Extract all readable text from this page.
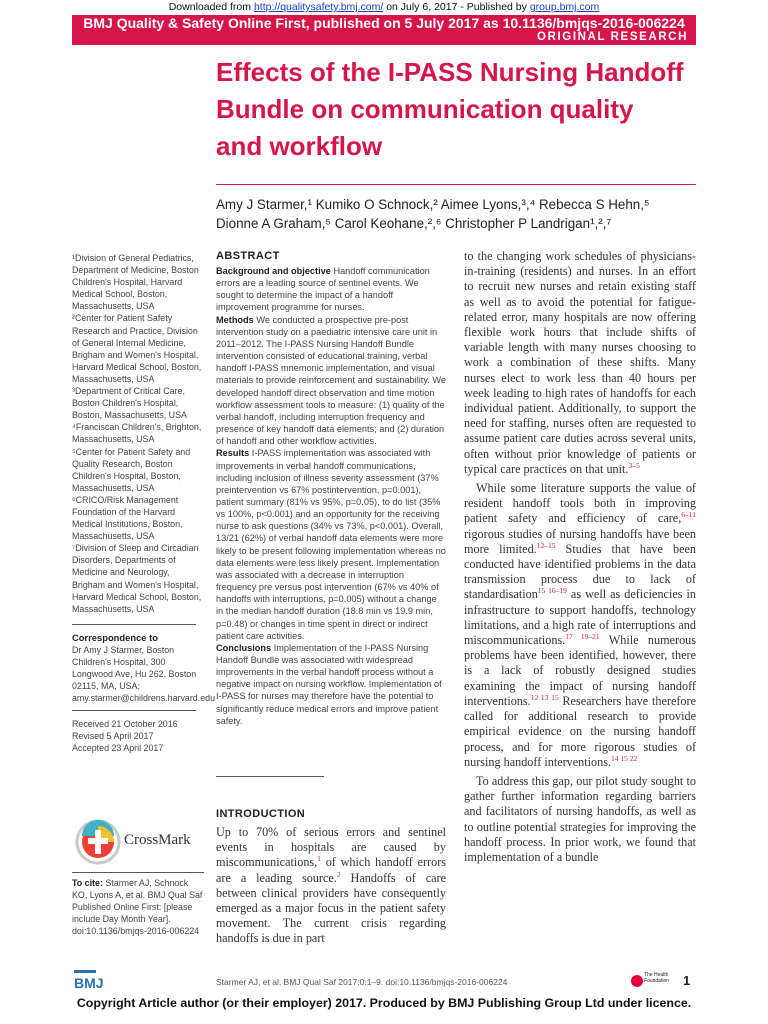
Downloaded from http://qualitysafety.bmj.com/ on July 6, 2017 - Published by group.bmj.com
BMJ Quality & Safety Online First, published on 5 July 2017 as 10.1136/bmjqs-2016-006224
ORIGINAL RESEARCH
Effects of the I-PASS Nursing Handoff Bundle on communication quality and workflow
Amy J Starmer,¹ Kumiko O Schnock,² Aimee Lyons,³,⁴ Rebecca S Hehn,⁵
Dionne A Graham,⁵ Carol Keohane,²,⁶ Christopher P Landrigan¹,²,⁷
¹Division of General Pediatrics, Department of Medicine, Boston Children's Hospital, Harvard Medical School, Boston, Massachusetts, USA
²Center for Patient Safety Research and Practice, Division of General Internal Medicine, Brigham and Women's Hospital, Harvard Medical School, Boston, Massachusetts, USA
³Department of Critical Care, Boston Children's Hospital, Boston, Massachusetts, USA
⁴Franciscan Children's, Brighton, Massachusetts, USA
⁵Center for Patient Safety and Quality Research, Boston Children's Hospital, Boston, Massachusetts, USA
⁶CRICO/Risk Management Foundation of the Harvard Medical Institutions, Boston, Massachusetts, USA
⁷Division of Sleep and Circadian Disorders, Departments of Medicine and Neurology, Brigham and Women's Hospital, Harvard Medical School, Boston, Massachusetts, USA
Correspondence to
Dr Amy J Starmer, Boston Children's Hospital, 300 Longwood Ave, Hu 262, Boston 02115, MA, USA; amy.starmer@childrens.harvard.edu
Received 21 October 2016
Revised 5 April 2017
Accepted 23 April 2017
CrossMark
To cite: Starmer AJ, Schnock KO, Lyons A, et al. BMJ Qual Saf Published Online First: [please include Day Month Year]. doi:10.1136/bmjqs-2016-006224
ABSTRACT
Background and objective Handoff communication errors are a leading source of sentinel events. We sought to determine the impact of a handoff improvement programme for nurses.
Methods We conducted a prospective pre-post intervention study on a paediatric intensive care unit in 2011–2012. The I-PASS Nursing Handoff Bundle intervention consisted of educational training, verbal handoff I-PASS mnemonic implementation, and visual materials to provide reinforcement and sustainability. We developed handoff direct observation and time motion workflow assessment tools to measure: (1) quality of the verbal handoff, including interruption frequency and presence of key handoff data elements; and (2) duration of handoff and other workflow activities.
Results I-PASS implementation was associated with improvements in verbal handoff communications, including inclusion of illness severity assessment (37% preintervention vs 67% postintervention, p=0.001), patient summary (81% vs 95%, p=0.05), to do list (35% vs 100%, p<0.001) and an opportunity for the receiving nurse to ask questions (34% vs 73%, p<0.001). Overall, 13/21 (62%) of verbal handoff data elements were more likely to be present following implementation whereas no data elements were less likely present. Implementation was associated with a decrease in interruption frequency pre versus post intervention (67% vs 40% of handoffs with interruptions, p=0.005) without a change in the median handoff duration (18.8 min vs 19.9 min, p=0.48) or changes in time spent in direct or indirect patient care activities.
Conclusions Implementation of the I-PASS Nursing Handoff Bundle was associated with widespread improvements in the verbal handoff process without a negative impact on nursing workflow. Implementation of I-PASS for nurses may therefore have the potential to significantly reduce medical errors and improve patient safety.
INTRODUCTION
Up to 70% of serious errors and sentinel events in hospitals are caused by miscommunications,$^1$ of which handoff errors are a leading source.$^2$ Handoffs of care between clinical providers have consequently emerged as a major focus in the patient safety movement. The current crisis regarding handoffs is due in part
to the changing work schedules of physicians-in-training (residents) and nurses. In an effort to recruit new nurses and retain existing staff as well as to avoid the potential for fatigue-related error, many hospitals are now offering flexible work hours that include shifts of variable length with many nurses choosing to work a combination of these shifts. Many nurses elect to work less than 40 hours per week leading to high rates of handoffs for each individual patient. Additionally, to support the need for staffing, nurses often are requested to assume patient care duties across several units, often without prior knowledge of patients or typical care practices on that unit.$^{3-5}$
While some literature supports the value of resident handoff tools both in improving patient safety and efficiency of care,$^{6-11}$ rigorous studies of nursing handoffs have been more limited.$^{12-15}$ Studies that have been conducted have identified problems in the data transmission process due to lack of standardisation$^{15 16-19}$ as well as deficiencies in infrastructure to support handoffs, technology limitations, and a high rate of interruptions and miscommunications.$^{17 19-21}$ While numerous problems have been identified, however, there is a lack of robustly designed studies examining the impact of nursing handoff interventions.$^{12 13 15}$ Researchers have therefore called for additional research to provide empirical evidence on the nursing handoff process, and for more rigorous studies of nursing handoff interventions.$^{14 15 22}$
To address this gap, our pilot study sought to gather further information regarding barriers and facilitators of nursing handoffs, as well as to outline potential strategies for improving the handoff process. In prior work, we found that implementation of a bundle
BMJ	Starmer AJ, et al. BMJ Qual Saf 2017;0:1–9. doi:10.1136/bmjqs-2016-006224
The Health Foundation	1
Copyright Article author (or their employer) 2017. Produced by BMJ Publishing Group Ltd under licence.
